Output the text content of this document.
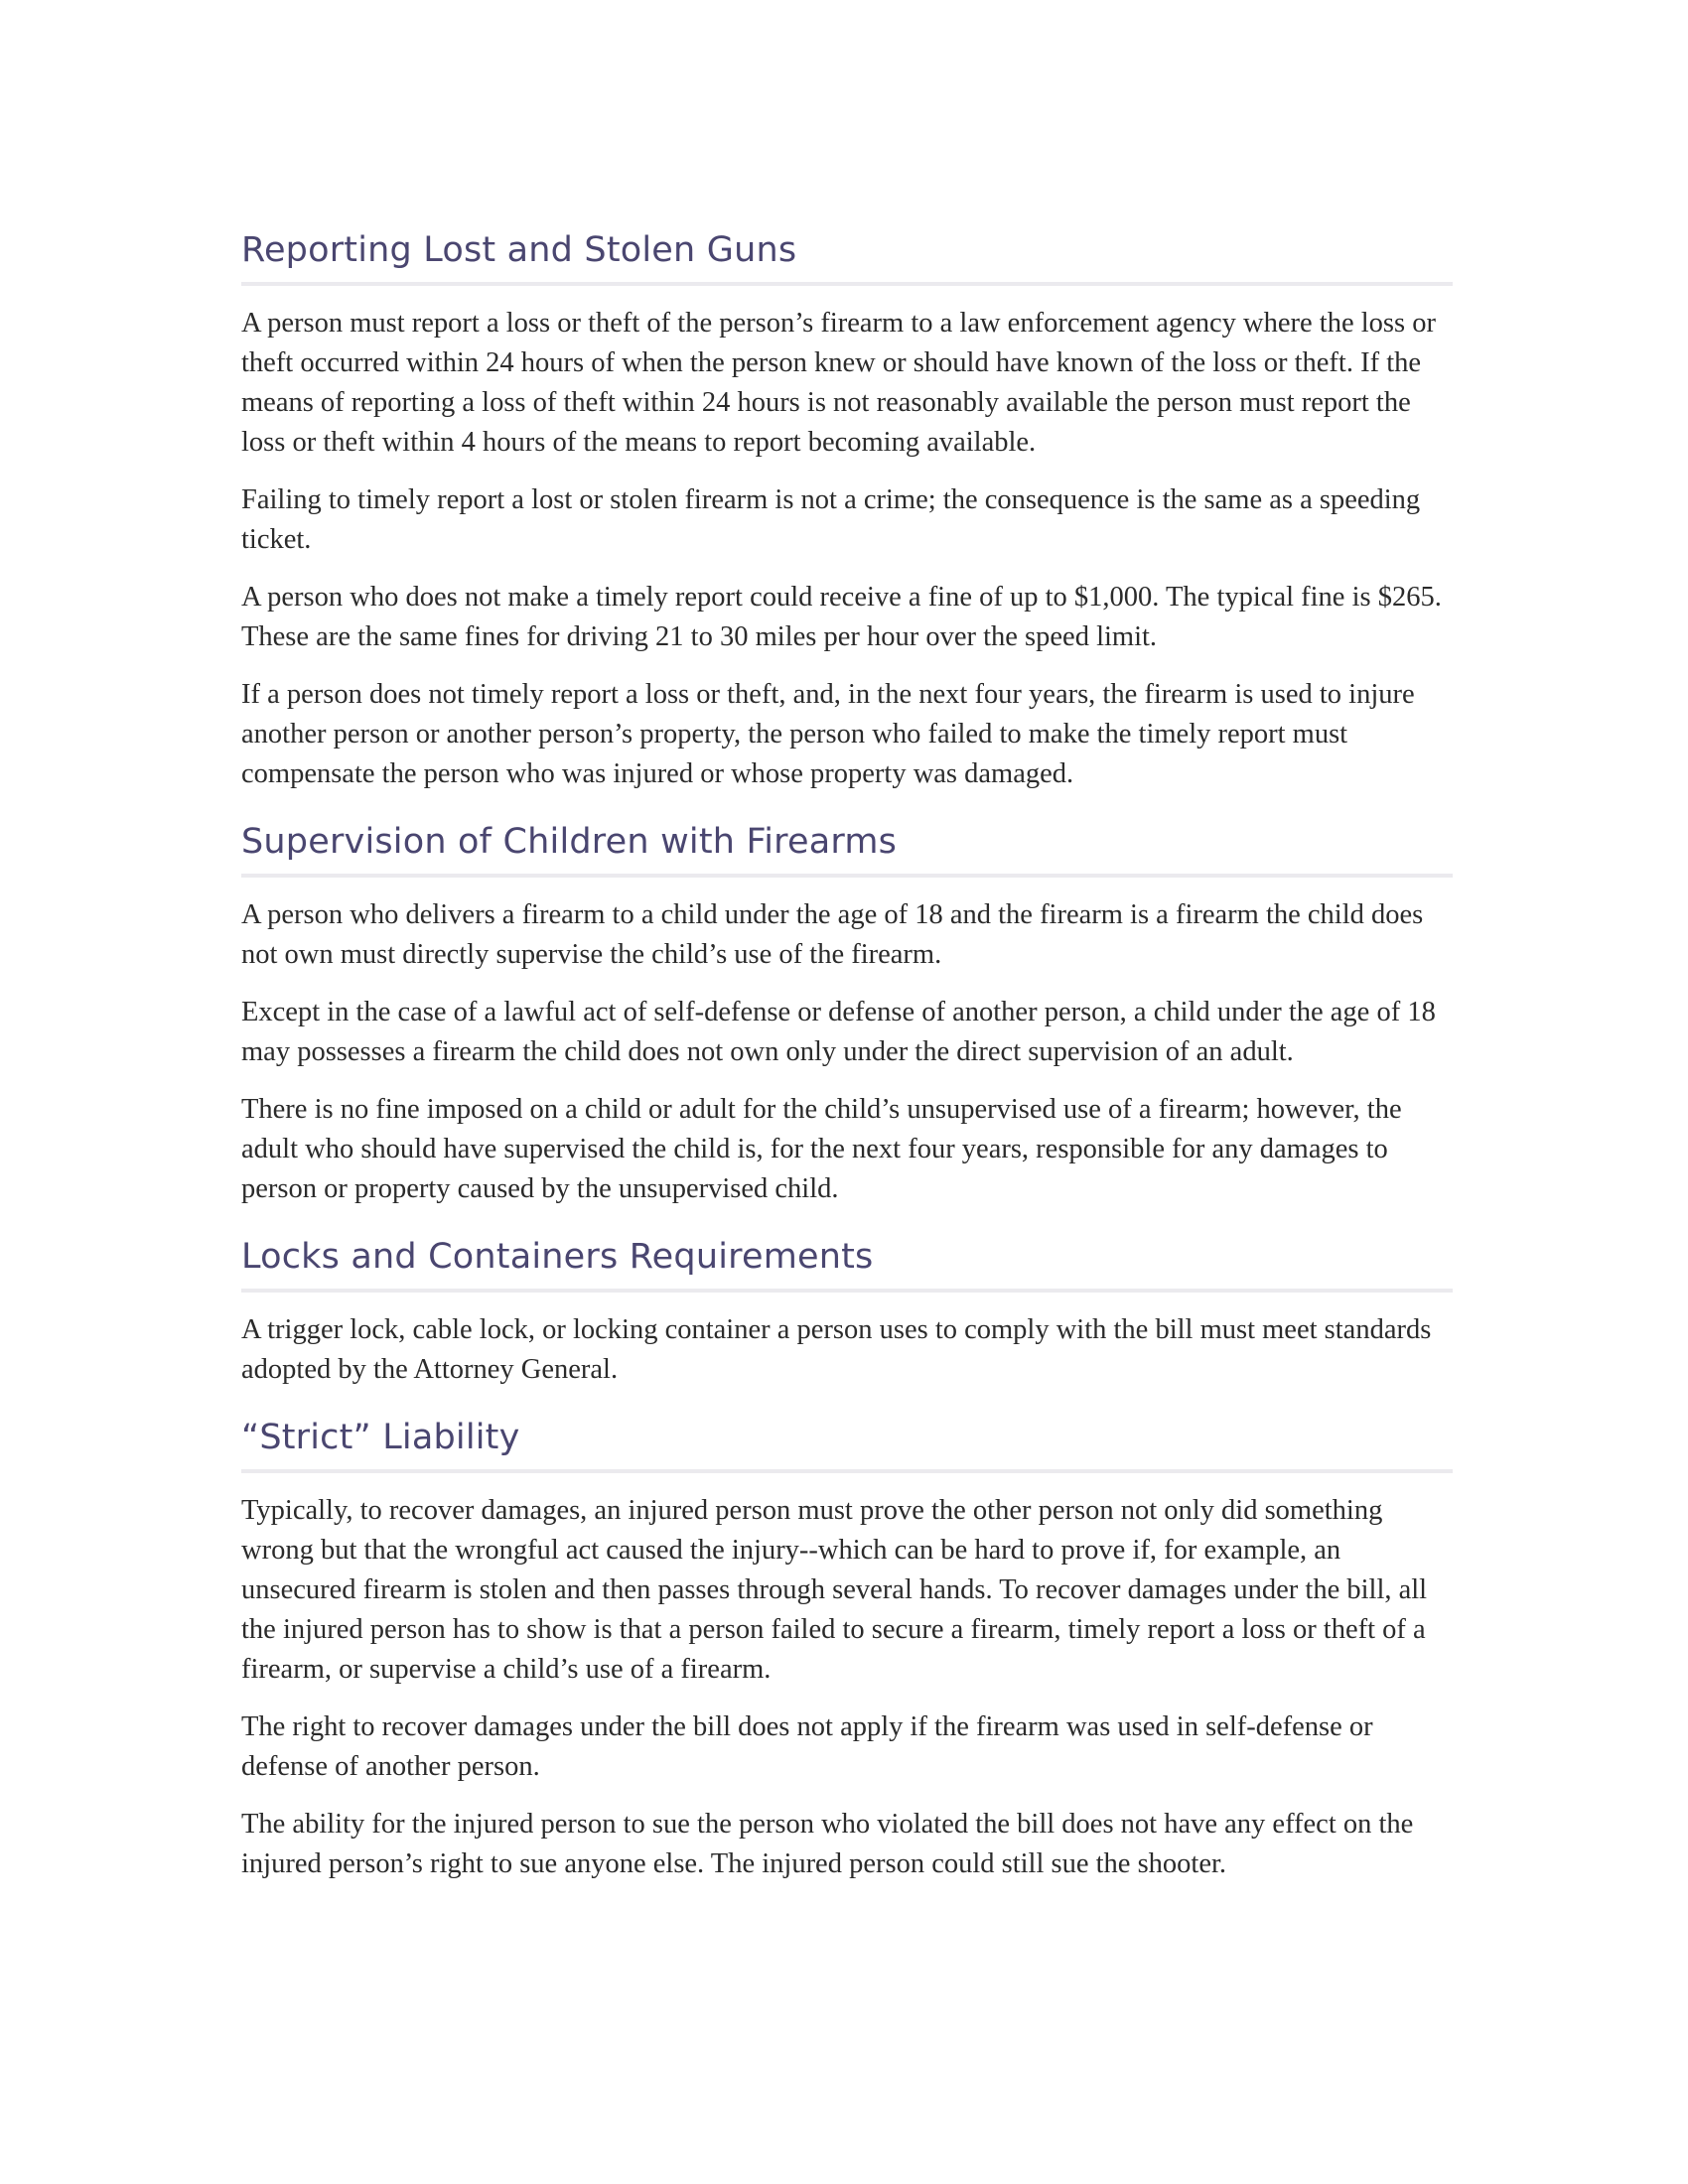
Reporting Lost and Stolen Guns

A person must report a loss or theft of the person’s firearm to a law enforcement agency where the loss or theft occurred within 24 hours of when the person knew or should have known of the loss or theft. If the means of reporting a loss of theft within 24 hours is not reasonably available the person must report the loss or theft within 4 hours of the means to report becoming available.

Failing to timely report a lost or stolen firearm is not a crime; the consequence is the same as a speeding ticket.

A person who does not make a timely report could receive a fine of up to $1,000. The typical fine is $265. These are the same fines for driving 21 to 30 miles per hour over the speed limit.

If a person does not timely report a loss or theft, and, in the next four years, the firearm is used to injure another person or another person’s property, the person who failed to make the timely report must compensate the person who was injured or whose property was damaged.

Supervision of Children with Firearms

A person who delivers a firearm to a child under the age of 18 and the firearm is a firearm the child does not own must directly supervise the child’s use of the firearm.

Except in the case of a lawful act of self-defense or defense of another person, a child under the age of 18 may possesses a firearm the child does not own only under the direct supervision of an adult.

There is no fine imposed on a child or adult for the child’s unsupervised use of a firearm; however, the adult who should have supervised the child is, for the next four years, responsible for any damages to person or property caused by the unsupervised child.

Locks and Containers Requirements

A trigger lock, cable lock, or locking container a person uses to comply with the bill must meet standards adopted by the Attorney General.

“Strict” Liability

Typically, to recover damages, an injured person must prove the other person not only did something wrong but that the wrongful act caused the injury--which can be hard to prove if, for example, an unsecured firearm is stolen and then passes through several hands. To recover damages under the bill, all the injured person has to show is that a person failed to secure a firearm, timely report a loss or theft of a firearm, or supervise a child’s use of a firearm.

The right to recover damages under the bill does not apply if the firearm was used in self-defense or defense of another person.

The ability for the injured person to sue the person who violated the bill does not have any effect on the injured person’s right to sue anyone else. The injured person could still sue the shooter.
